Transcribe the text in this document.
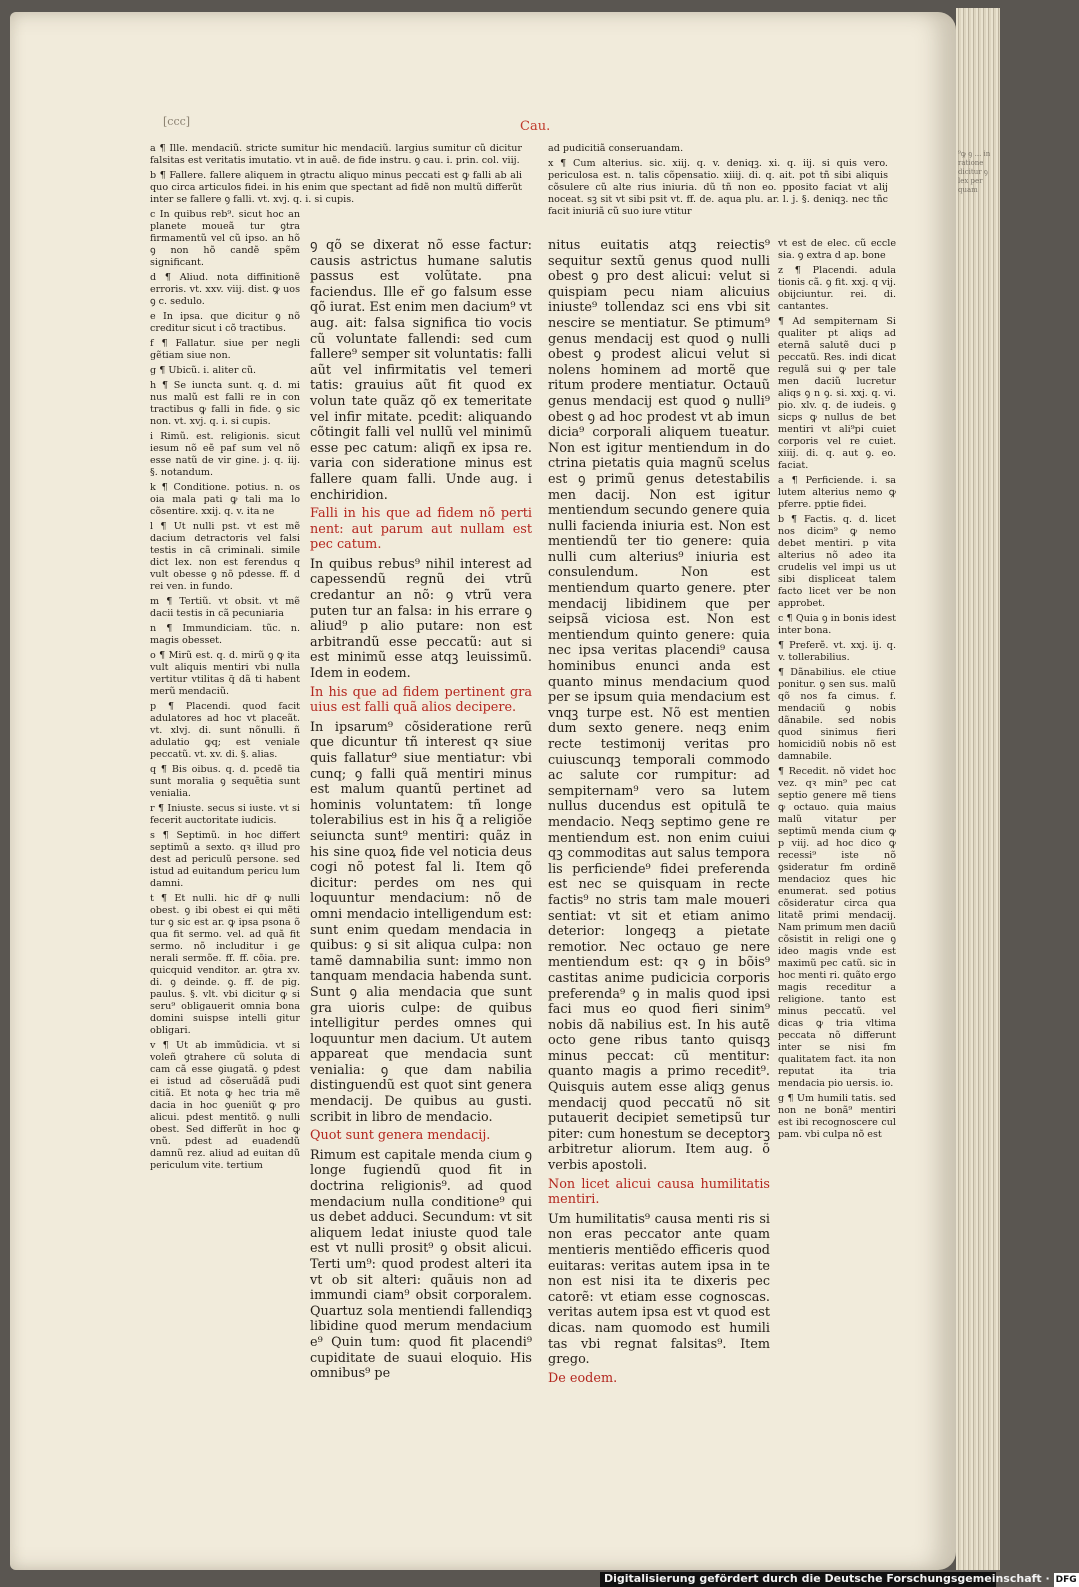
⁹ꝙ ꝯ ... in ratione dicitur ꝯ lex per quam
[ccc]	Cau.

a ¶ Ille. mendaciũ. stricte sumitur hic mendaciũ. largius sumitur cũ dicitur falsitas est veritatis imutatio. vt in auẽ. de fide instru. ꝯ cau. i. prin. col. viij.

b ¶ Fallere. fallere aliquem in ꝯtractu aliquo minus peccati est ꝙ falli ab ali quo circa articulos fidei. in his enim que spectant ad fidẽ non multũ differũt inter se fallere ꝯ falli. vt. xvj. q. i. si cupis.

c In quibus reb⁹. sicut hoc an planete moueã tur ꝯtra firmamentũ vel cũ ipso. an hõ ꝯ non hõ candẽ spẽm significant.

d ¶ Aliud. nota diffinitionẽ erroris. vt. xxv. viij. dist. ꝙ uos ꝯ c. sedulo.

e In ipsa. que dicitur ꝯ nõ creditur sicut i cõ tractibus.

f ¶ Fallatur. siue per negli gẽtiam siue non.

g ¶ Ubicũ. i. aliter cũ.

h ¶ Se iuncta sunt. q. d. mi nus malũ est falli re in con tractibus ꝙ falli in fide. ꝯ sic non. vt. xvj. q. i. si cupis.

i Rimũ. est. religionis. sicut iesum nõ eẽ paf sum vel nõ esse natũ de vir gine. j. q. iij. §. notandum.

k ¶ Conditione. potius. n. os oia mala pati ꝙ tali ma lo cõsentire. xxij. q. v. ita ne

l ¶ Ut nulli pst. vt est mẽ dacium detractoris vel falsi testis in cã criminali. simile dict lex. non est ferendus q vult obesse ꝯ nõ pdesse. ff. d rei ven. in fundo.

m ¶ Tertiũ. vt obsit. vt mẽ dacii testis in cã pecuniaria

n ¶ Immundiciam. tũc. n. magis obesset.

o ¶ Mirũ est. q. d. mirũ ꝯ ꝙ ita vult aliquis mentiri vbi nulla vertitur vtilitas q̃ dã ti habent merũ mendaciũ.

p ¶ Placendi. quod facit adulatores ad hoc vt placeãt. vt. xlvj. di. sunt nõnulli. ñ adulatio ꝙq; est veniale peccatũ. vt. xv. di. §. alias.

q ¶ Bis oibus. q. d. pcedẽ tia sunt moralia ꝯ sequẽtia sunt venialia.

r ¶ Iniuste. secus si iuste. vt si fecerit auctoritate iudicis.

s ¶ Septimũ. in hoc differt septimũ a sexto. qꝛ illud pro dest ad periculũ persone. sed istud ad euitandum pericu lum damni.

t ¶ Et nulli. hic dr̃ ꝙ nulli obest. ꝯ ibi obest ei qui mẽti tur ꝯ sic est ar. ꝙ ipsa psona õ qua fit sermo. vel. ad quã fit sermo. nõ includitur i ge nerali sermõe. ff. ff. cõia. pre. quicquid venditor. ar. ꝯtra xv. di. ꝯ deinde. ꝯ. ff. de pig. paulus. §. vlt. vbi dicitur ꝙ si seru⁹ obligauerit omnia bona domini suispse intelli gitur obligari.

v ¶ Ut ab immũdicia. vt si voleñ ꝯtrahere cũ soluta di cam cã esse ꝯiugatã. ꝯ pdest ei istud ad cõseruãdã pudi citiã. Et nota ꝙ hec tria mẽ dacia in hoc ꝯueniũt ꝙ pro alicui. pdest mentitõ. ꝯ nulli obest. Sed differũt in hoc ꝙ vnũ. pdest ad euadendũ damnũ rez. aliud ad euitan dũ periculum vite. tertium

ad pudicitiã conseruandam.

x ¶ Cum alterius. sic. xiij. q. v. deniqꝫ. xi. q. iij. si quis vero. periculosa est. n. talis cõpensatio. xiiij. di. q. ait. pot tñ sibi aliquis cõsulere cũ alte rius iniuria. dũ tñ non eo. pposito faciat vt alij noceat. sꝫ sit vt sibi psit vt. ff. de. aqua plu. ar. l. j. §. deniqꝫ. nec tñc facit iniuriã cũ suo iure vtitur

ꝯ qõ se dixerat nõ esse factur: causis astrictus humane salutis passus est volũtate. pna faciendus. Ille er̃ go falsum esse qõ iurat. Est enim men dacium⁹ vt aug. ait: falsa significa tio vocis cũ voluntate fallendi: sed cum fallere⁹ semper sit voluntatis: falli aũt vel infirmitatis vel temeri tatis: grauius aũt fit quod ex volun tate quãz qõ ex temeritate vel infir mitate. pcedit: aliquando cõtingit falli vel nullũ vel minimũ esse pec catum: aliqñ ex ipsa re. varia con sideratione minus est fallere quam falli. Unde aug. i enchiridion.

Falli in his que ad fidem nõ perti nent: aut parum aut nullam est pec catum.

In quibus rebus⁹ nihil interest ad capessendũ regnũ dei vtrũ credantur an nõ: ꝯ vtrũ vera puten tur an falsa: in his errare ꝯ aliud⁹ p alio putare: non est arbitrandũ esse peccatũ: aut si est minimũ esse atqꝫ leuissimũ. Idem in eodem.

In his que ad fidem pertinent gra uius est falli quã alios decipere.

In ipsarum⁹ cõsideratione rerũ que dicuntur tñ interest qꝛ siue quis fallatur⁹ siue mentiatur: vbi cunq; ꝯ falli quã mentiri minus est malum quantũ pertinet ad hominis voluntatem: tñ longe tolerabilius est in his q̃ a religiõe seiuncta sunt⁹ mentiri: quãz in his sine quoꝝ fide vel noticia deus cogi nõ potest fal li. Item qõ dicitur: perdes om nes qui loquuntur mendacium: nõ de omni mendacio intelligendum est: sunt enim quedam mendacia in quibus: ꝯ si sit aliqua culpa: non tamẽ damnabilia sunt: immo non tanquam mendacia habenda sunt. Sunt ꝯ alia mendacia que sunt gra uioris culpe: de quibus intelligitur perdes omnes qui loquuntur men dacium. Ut autem appareat que mendacia sunt venialia: ꝯ que dam nabilia distinguendũ est quot sint genera mendacij. De quibus au gusti. scribit in libro de mendacio.

Quot sunt genera mendacij.

Rimum est capitale menda cium ꝯ longe fugiendũ quod fit in doctrina religionis⁹. ad quod mendacium nulla conditione⁹ qui us debet adduci. Secundum: vt sit aliquem ledat iniuste quod tale est vt nulli prosit⁹ ꝯ obsit alicui. Terti um⁹: quod prodest alteri ita vt ob sit alteri: quãuis non ad immundi ciam⁹ obsit corporalem. Quartuz sola mentiendi fallendiqꝫ libidine quod merum mendacium e⁹ Quin tum: quod fit placendi⁹ cupiditate de suaui eloquio. His omnibus⁹ pe

nitus euitatis atqꝫ reiectis⁹ sequitur sextũ genus quod nulli obest ꝯ pro dest alicui: velut si quispiam pecu niam alicuius iniuste⁹ tollendaz sci ens vbi sit nescire se mentiatur. Se ptimum⁹ genus mendacij est quod ꝯ nulli obest ꝯ prodest alicui velut si nolens hominem ad mortẽ que ritum prodere mentiatur. Octauũ genus mendacij est quod ꝯ nulli⁹ obest ꝯ ad hoc prodest vt ab imun dicia⁹ corporali aliquem tueatur. Non est igitur mentiendum in do ctrina pietatis quia magnũ scelus est ꝯ primũ genus detestabilis men dacij. Non est igitur mentiendum secundo genere quia nulli facienda iniuria est. Non est mentiendũ ter tio genere: quia nulli cum alterius⁹ iniuria est consulendum. Non est mentiendum quarto genere. pter mendacij libidinem que per seipsã viciosa est. Non est mentiendum quinto genere: quia nec ipsa veritas placendi⁹ causa hominibus enunci anda est quanto minus mendacium quod per se ipsum quia mendacium est vnqꝫ turpe est. Nõ est mentien dum sexto genere. neqꝫ enim recte testimonij veritas pro cuiuscunqꝫ temporali commodo ac salute cor rumpitur: ad sempiternam⁹ vero sa lutem nullus ducendus est opitulã te mendacio. Neqꝫ septimo gene re mentiendum est. non enim cuiui qꝫ commoditas aut salus tempora lis perficiende⁹ fidei preferenda est nec se quisquam in recte factis⁹ no stris tam male moueri sentiat: vt sit et etiam animo deterior: longeqꝫ a pietate remotior. Nec octauo ge nere mentiendum est: qꝛ ꝯ in bõis⁹ castitas anime pudicicia corporis preferenda⁹ ꝯ in malis quod ipsi faci mus eo quod fieri sinim⁹ nobis dã nabilius est. In his autẽ octo gene ribus tanto quisqꝫ minus peccat: cũ mentitur: quanto magis a primo recedit⁹. Quisquis autem esse aliqꝫ genus mendacij quod peccatũ nõ sit putauerit decipiet semetipsũ tur piter: cum honestum se deceptorꝫ arbitretur aliorum. Item aug. õ verbis apostoli.

Non licet alicui causa humilitatis mentiri.

Um humilitatis⁹ causa menti ris si non eras peccator ante quam mentieris mentiẽdo efficeris quod euitaras: veritas autem ipsa in te non est nisi ita te dixeris pec catorẽ: vt etiam esse cognoscas. veritas autem ipsa est vt quod est dicas. nam quomodo est humili tas vbi regnat falsitas⁹. Item grego.

De eodem.

vt est de elec. cũ eccle sia. ꝯ extra d ap. bone

z ¶ Placendi. adula tionis cã. ꝯ fit. xxj. q vij. obijciuntur. rei. di. cantantes.

¶ Ad sempiternam Si qualiter pt aliqs ad eternã salutẽ duci p peccatũ. Res. indi dicat regulã sui ꝙ per tale men daciũ lucretur aliqs ꝯ n ꝯ. si. xxj. q. vi. pio. xlv. q. de iudeis. ꝯ sicps ꝙ nullus de bet mentiri vt ali⁹pi cuiet corporis vel re cuiet. xiiij. di. q. aut ꝯ. eo. faciat.

a ¶ Perficiende. i. sa lutem alterius nemo ꝙ pferre. pptie fidei.

b ¶ Factis. q. d. licet nos dicim⁹ ꝙ nemo debet mentiri. p vita alterius nõ adeo ita crudelis vel impi us ut sibi displiceat talem facto licet ver be non approbet.

c ¶ Quia ꝯ in bonis idest inter bona.

¶ Preferẽ. vt. xxj. ij. q. v. tollerabilius.

¶ Dãnabilius. ele ctiue ponitur. ꝯ sen sus. malũ qõ nos fa cimus. f. mendaciũ ꝯ nobis dãnabile. sed nobis quod sinimus fieri homicidiũ nobis nõ est damnabile.

¶ Recedit. nõ videt hoc vez. qꝛ min⁹ pec cat septio genere mẽ tiens ꝙ octauo. quia maius malũ vitatur per septimũ menda cium ꝙ p viij. ad hoc dico ꝙ recessi⁹ iste nõ ꝯsideratur fm ordinẽ mendacioz ques hic enumerat. sed potius cõsideratur circa qua litatẽ primi mendacij. Nam primum men daciũ cõsistit in religi one ꝯ ideo magis vnde est maximũ pec catũ. sic in hoc menti ri. quãto ergo magis receditur a religione. tanto est minus peccatũ. vel dicas ꝙ tria vltima peccata nõ differunt inter se nisi fm qualitatem fact. ita non reputat ita tria mendacia pio uersis. io.

g ¶ Um humili tatis. sed non ne bonã⁹ mentiri est ibi recognoscere cul pam. vbi culpa nõ est

Digitalisierung gefördert durch die Deutsche Forschungsgemeinschaft · DFG
